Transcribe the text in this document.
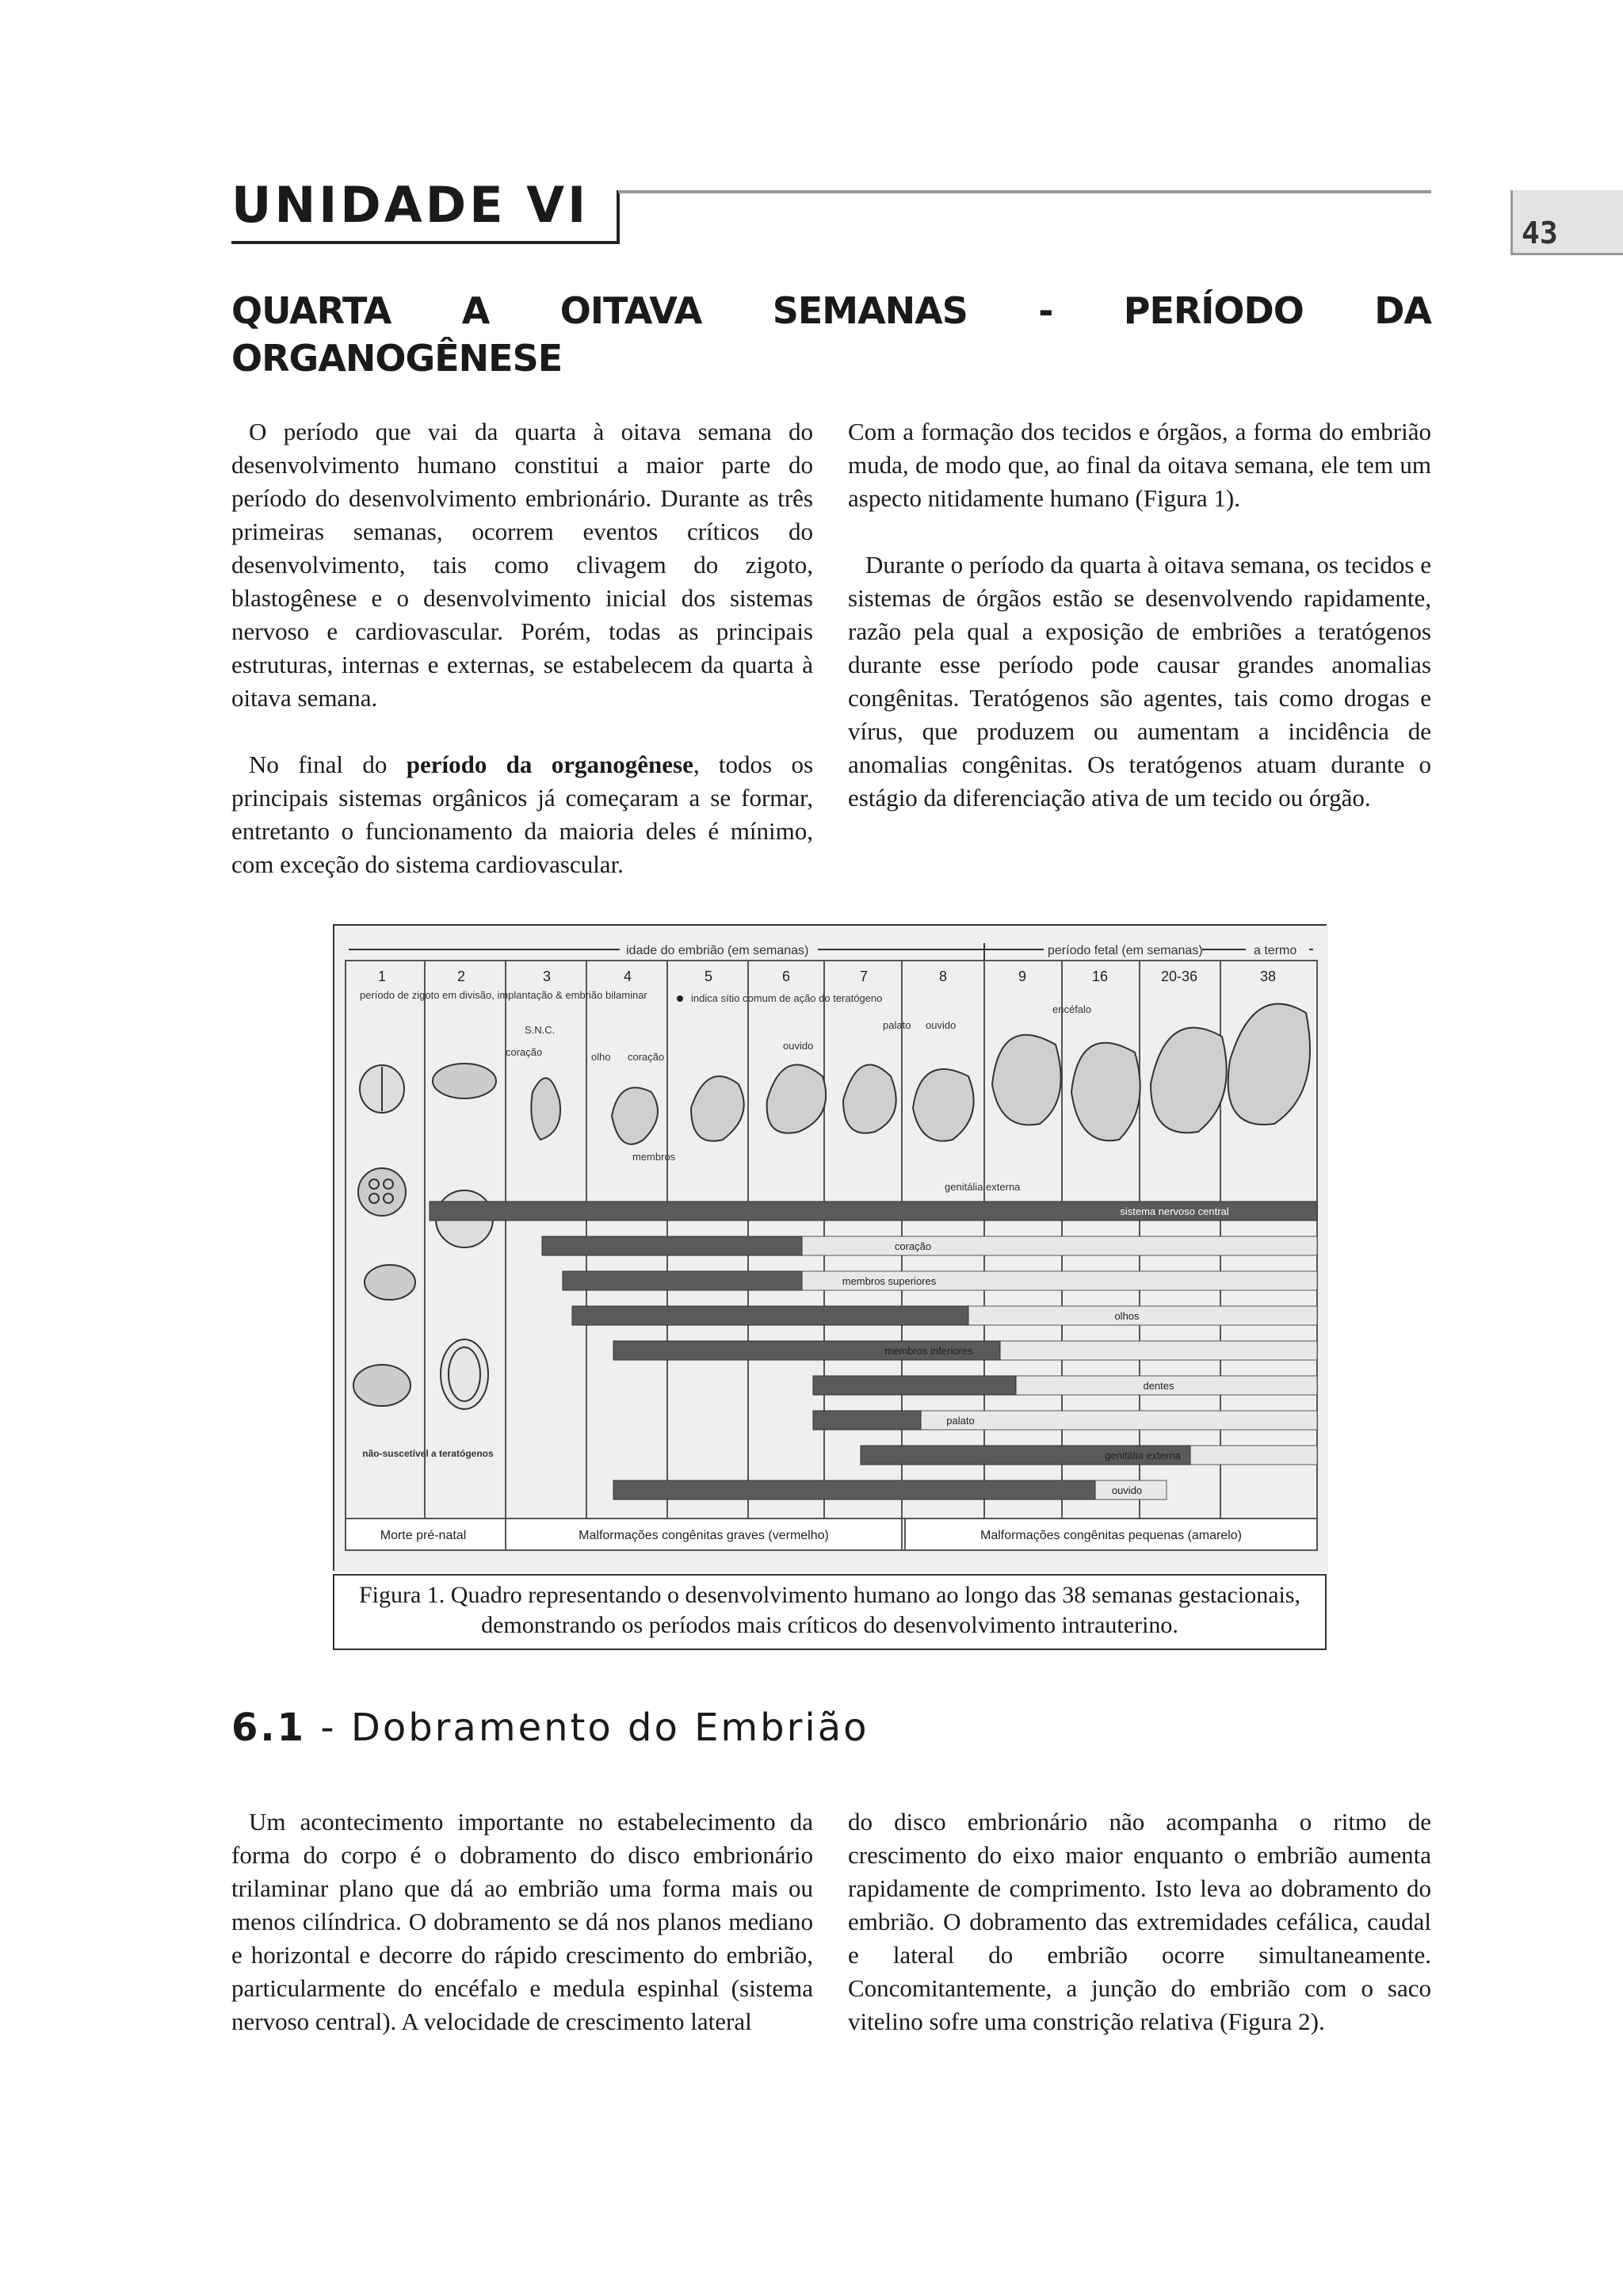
UNIDADE VI	43
QUARTA A OITAVA SEMANAS - PERÍODO DA
ORGANOGÊNESE

O período que vai da quarta à oitava semana do desenvolvimento humano constitui a maior parte do período do desenvolvimento embrionário. Durante as três primeiras semanas, ocorrem eventos críticos do desenvolvimento, tais como clivagem do zigoto, blastogênese e o desenvolvimento inicial dos sistemas nervoso e cardiovascular. Porém, todas as principais estruturas, internas e externas, se estabelecem da quarta à oitava semana.

No final do período da organogênese, todos os principais sistemas orgânicos já começaram a se formar, entretanto o funcionamento da maioria deles é mínimo, com exceção do sistema cardiovascular.

Com a formação dos tecidos e órgãos, a forma do embrião muda, de modo que, ao final da oitava semana, ele tem um aspecto nitidamente humano (Figura 1).

Durante o período da quarta à oitava semana, os tecidos e sistemas de órgãos estão se desenvolvendo rapidamente, razão pela qual a exposição de embriões a teratógenos durante esse período pode causar grandes anomalias congênitas. Teratógenos são agentes, tais como drogas e vírus, que produzem ou aumentam a incidência de anomalias congênitas. Os teratógenos atuam durante o estágio da diferenciação ativa de um tecido ou órgão.

idade do embrião (em semanas)	período fetal (em semanas)	a termo
1	2	3	4	5	6	7	8	9	16	20-36	38
período de zigoto em divisão, implantação & embrião bilaminar	indica sítio comum de ação do teratógeno
S.N.C.
coração	olho coração
ouvido
palato ouvido
encéfalo
membros
genitália externa
não-suscetível a teratógenos
sistema nervoso central
coração
membros superiores
olhos
membros inferiores
dentes
palato
genitália externa
ouvido
Morte pré-natal	Malformações congênitas graves (vermelho)	Malformações congênitas pequenas (amarelo)
Figura 1. Quadro representando o desenvolvimento humano ao longo das 38 semanas gestacionais,
demonstrando os períodos mais críticos do desenvolvimento intrauterino.
6.1 - Dobramento do Embrião

Um acontecimento importante no estabelecimento da forma do corpo é o dobramento do disco embrionário trilaminar plano que dá ao embrião uma forma mais ou menos cilíndrica. O dobramento se dá nos planos mediano e horizontal e decorre do rápido crescimento do embrião, particularmente do encéfalo e medula espinhal (sistema nervoso central). A velocidade de crescimento lateral

do disco embrionário não acompanha o ritmo de crescimento do eixo maior enquanto o embrião aumenta rapidamente de comprimento. Isto leva ao dobramento do embrião. O dobramento das extremidades cefálica, caudal e lateral do embrião ocorre simultaneamente. Concomitantemente, a junção do embrião com o saco vitelino sofre uma constrição relativa (Figura 2).
